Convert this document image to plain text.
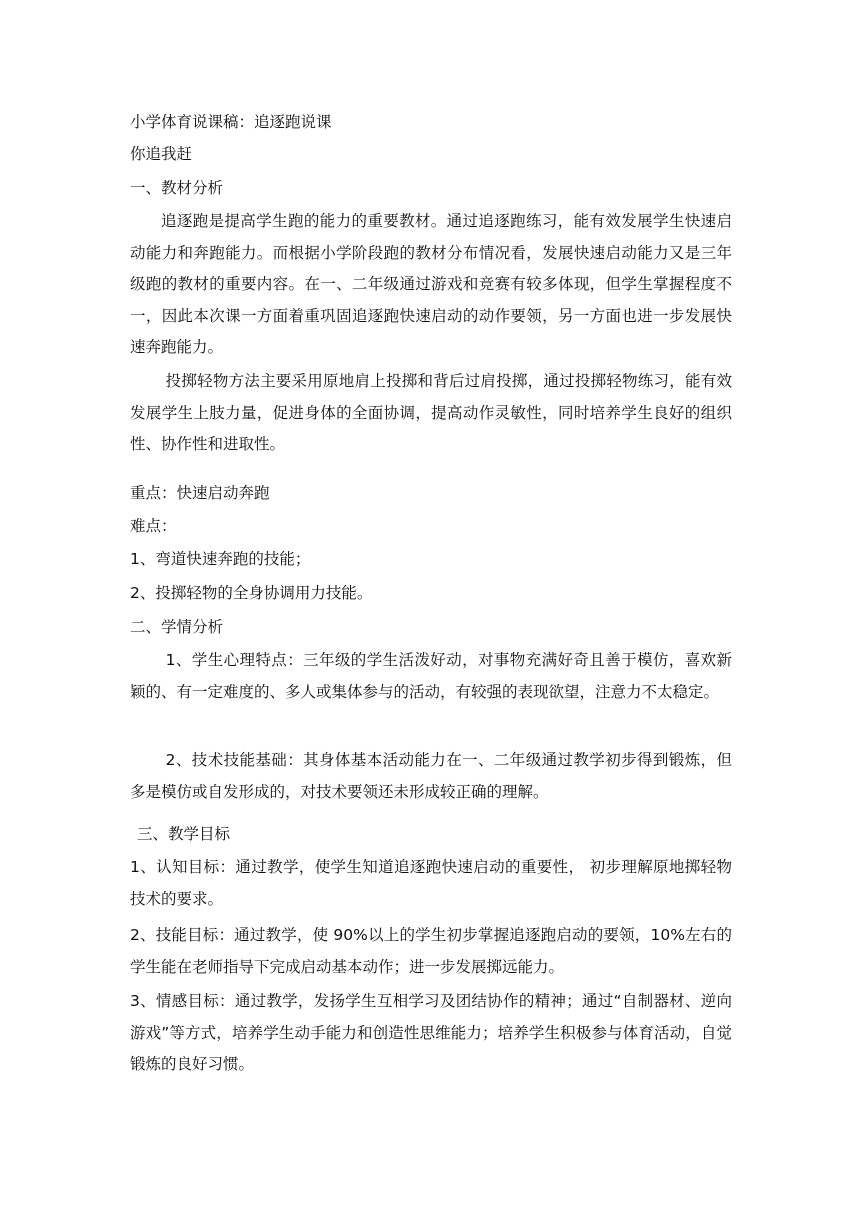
小学体育说课稿：追逐跑说课
你追我赶
一、教材分析
追逐跑是提高学生跑的能力的重要教材。通过追逐跑练习，能有效发展学生快速启动能力和奔跑能力。而根据小学阶段跑的教材分布情况看，发展快速启动能力又是三年级跑的教材的重要内容。在一、二年级通过游戏和竞赛有较多体现，但学生掌握程度不一，因此本次课一方面着重巩固追逐跑快速启动的动作要领，另一方面也进一步发展快速奔跑能力。
投掷轻物方法主要采用原地肩上投掷和背后过肩投掷，通过投掷轻物练习，能有效发展学生上肢力量，促进身体的全面协调，提高动作灵敏性，同时培养学生良好的组织性、协作性和进取性。
重点：快速启动奔跑
难点：
1、弯道快速奔跑的技能；
2、投掷轻物的全身协调用力技能。
二、学情分析
1、学生心理特点：三年级的学生活泼好动，对事物充满好奇且善于模仿，喜欢新颖的、有一定难度的、多人或集体参与的活动，有较强的表现欲望，注意力不太稳定。
2、技术技能基础：其身体基本活动能力在一、二年级通过教学初步得到锻炼，但多是模仿或自发形成的，对技术要领还未形成较正确的理解。
三、教学目标
1、认知目标：通过教学，使学生知道追逐跑快速启动的重要性， 初步理解原地掷轻物技术的要求。
2、技能目标：通过教学，使 90%以上的学生初步掌握追逐跑启动的要领，10%左右的学生能在老师指导下完成启动基本动作；进一步发展掷远能力。
3、情感目标：通过教学，发扬学生互相学习及团结协作的精神；通过“自制器材、逆向游戏”等方式，培养学生动手能力和创造性思维能力；培养学生积极参与体育活动，自觉锻炼的良好习惯。
